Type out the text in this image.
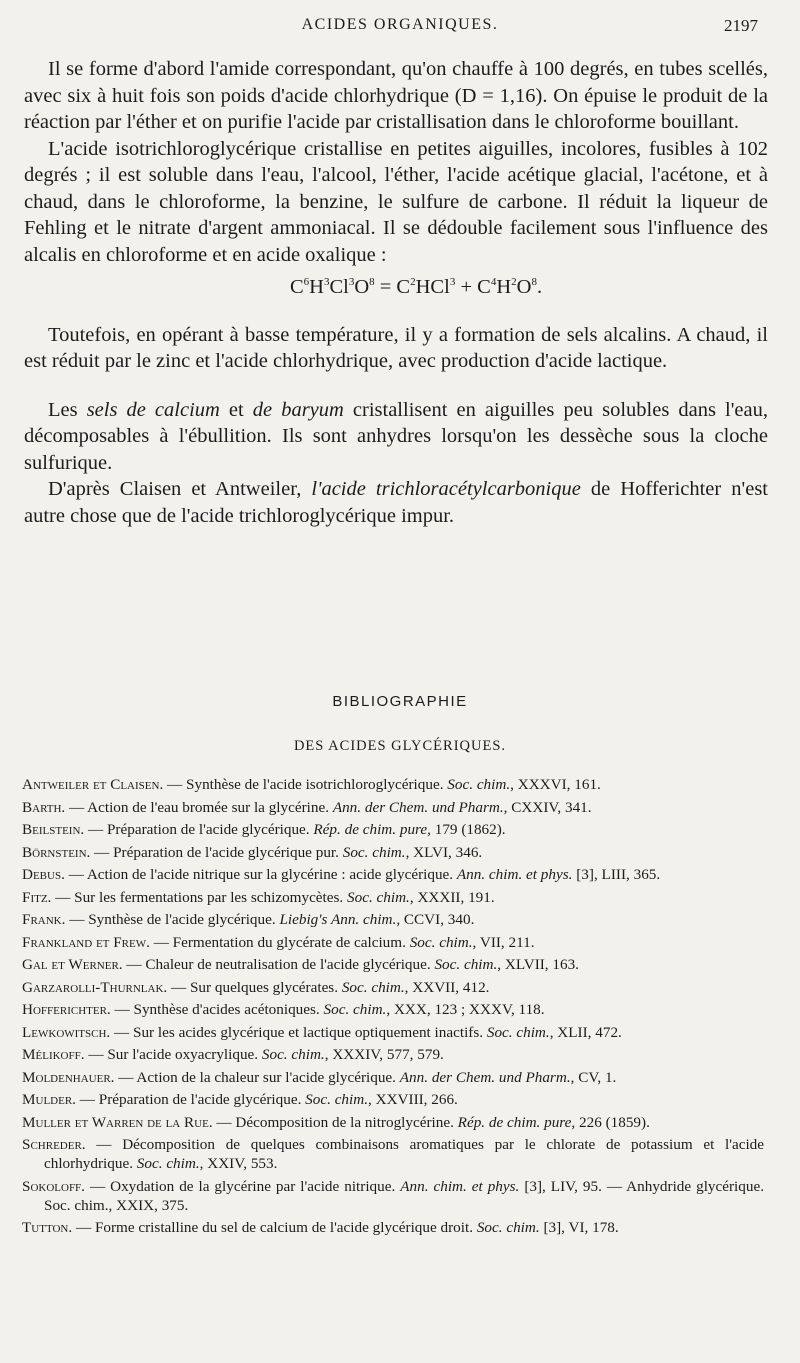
ACIDES ORGANIQUES.	2197

Il se forme d'abord l'amide correspondant, qu'on chauffe à 100 degrés, en tubes scellés, avec six à huit fois son poids d'acide chlorhydrique (D = 1,16). On épuise le produit de la réaction par l'éther et on purifie l'acide par cristallisation dans le chloroforme bouillant.

L'acide isotrichloroglycérique cristallise en petites aiguilles, incolores, fusibles à 102 degrés ; il est soluble dans l'eau, l'alcool, l'éther, l'acide acétique glacial, l'acétone, et à chaud, dans le chloroforme, la benzine, le sulfure de carbone. Il réduit la liqueur de Fehling et le nitrate d'argent ammoniacal. Il se dédouble facilement sous l'influence des alcalis en chloroforme et en acide oxalique :

$C^6H^3Cl^3O^8 = C^2HCl^3 + C^4H^2O^8$.

Toutefois, en opérant à basse température, il y a formation de sels alcalins. A chaud, il est réduit par le zinc et l'acide chlorhydrique, avec production d'acide lactique.

Les sels de calcium et de baryum cristallisent en aiguilles peu solubles dans l'eau, décomposables à l'ébullition. Ils sont anhydres lorsqu'on les dessèche sous la cloche sulfurique.

D'après Claisen et Antweiler, l'acide trichloracétylcarbonique de Hofferichter n'est autre chose que de l'acide trichloroglycérique impur.

BIBLIOGRAPHIE
DES ACIDES GLYCÉRIQUES.

Antweiler et Claisen. — Synthèse de l'acide isotrichloroglycérique. Soc. chim., XXXVI, 161.

Barth. — Action de l'eau bromée sur la glycérine. Ann. der Chem. und Pharm., CXXIV, 341.

Beilstein. — Préparation de l'acide glycérique. Rép. de chim. pure, 179 (1862).

Börnstein. — Préparation de l'acide glycérique pur. Soc. chim., XLVI, 346.

Debus. — Action de l'acide nitrique sur la glycérine : acide glycérique. Ann. chim. et phys. [3], LIII, 365.

Fitz. — Sur les fermentations par les schizomycètes. Soc. chim., XXXII, 191.

Frank. — Synthèse de l'acide glycérique. Liebig's Ann. chim., CCVI, 340.

Frankland et Frew. — Fermentation du glycérate de calcium. Soc. chim., VII, 211.

Gal et Werner. — Chaleur de neutralisation de l'acide glycérique. Soc. chim., XLVII, 163.

Garzarolli-Thurnlak. — Sur quelques glycérates. Soc. chim., XXVII, 412.

Hofferichter. — Synthèse d'acides acétoniques. Soc. chim., XXX, 123 ; XXXV, 118.

Lewkowitsch. — Sur les acides glycérique et lactique optiquement inactifs. Soc. chim., XLII, 472.

Mélikoff. — Sur l'acide oxyacrylique. Soc. chim., XXXIV, 577, 579.

Moldenhauer. — Action de la chaleur sur l'acide glycérique. Ann. der Chem. und Pharm., CV, 1.

Mulder. — Préparation de l'acide glycérique. Soc. chim., XXVIII, 266.

Muller et Warren de la Rue. — Décomposition de la nitroglycérine. Rép. de chim. pure, 226 (1859).

Schreder. — Décomposition de quelques combinaisons aromatiques par le chlorate de potassium et l'acide chlorhydrique. Soc. chim., XXIV, 553.

Sokoloff. — Oxydation de la glycérine par l'acide nitrique. Ann. chim. et phys. [3], LIV, 95. — Anhydride glycérique. Soc. chim., XXIX, 375.

Tutton. — Forme cristalline du sel de calcium de l'acide glycérique droit. Soc. chim. [3], VI, 178.
